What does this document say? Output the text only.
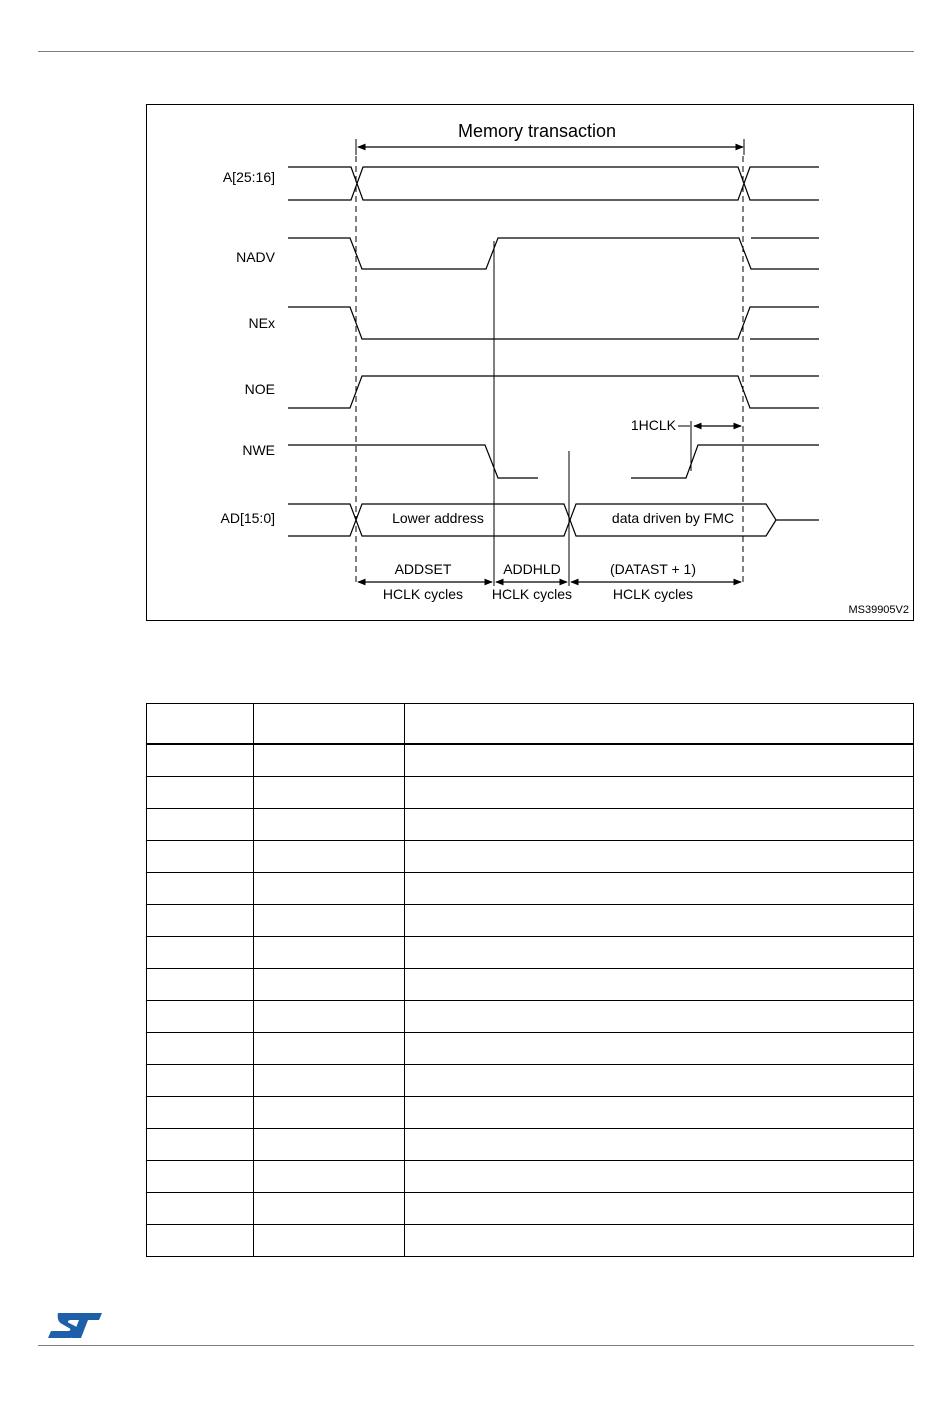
Memory transaction
A[25:16]
NADV
NEx
NOE
NWE
AD[15:0]
1HCLK
Lower address	data driven by FMC
ADDSET
HCLK cycles
ADDHLD
HCLK cycles
(DATAST + 1)
HCLK cycles
MS39905V2
